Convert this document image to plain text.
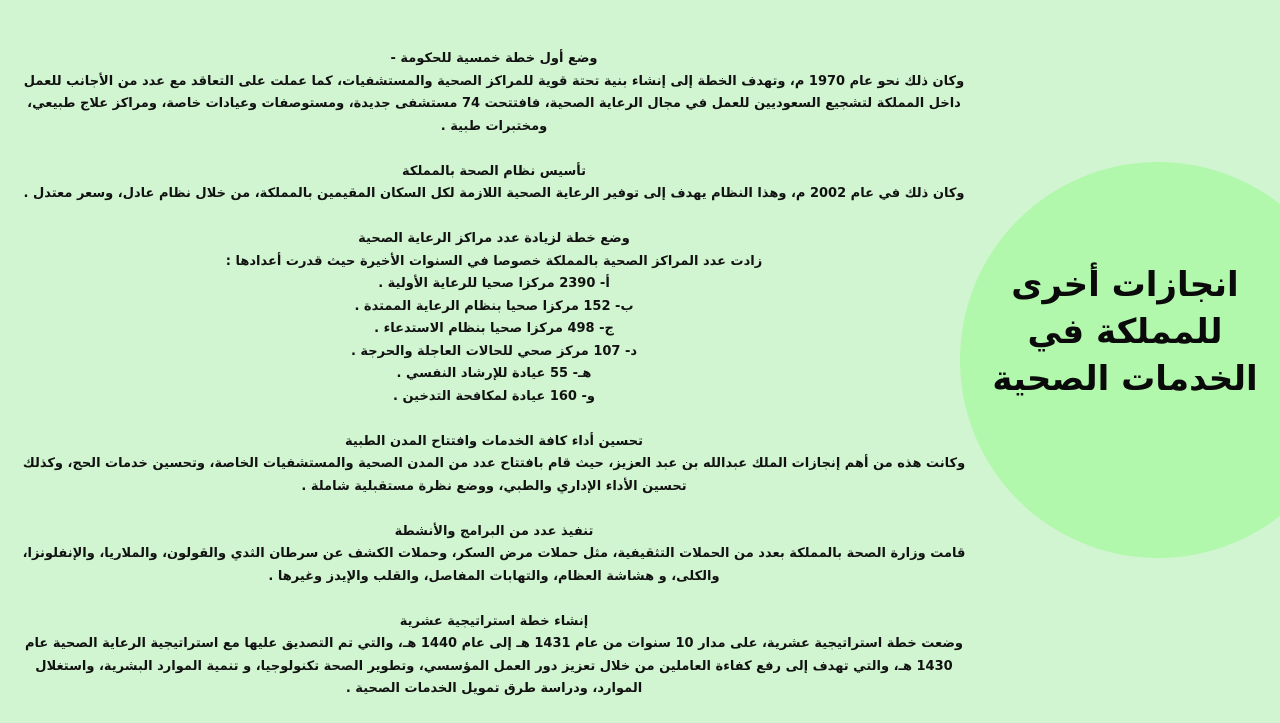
انجازات أخرى للمملكة في الخدمات الصحية
وضع أول خطة خمسية للحكومة -
وكان ذلك نحو عام 1970 م، وتهدف الخطة إلى إنشاء بنية تحتة قوية للمراكز الصحية والمستشفيات، كما عملت على التعاقد مع عدد من الأجانب للعمل داخل المملكة لتشجيع السعوديين للعمل في مجال الرعاية الصحية، فافتتحت 74 مستشفى جديدة، ومستوصفات وعيادات خاصة، ومراكز علاج طبيعي، ومختبرات طبية .
تأسيس نظام الصحة بالمملكة
وكان ذلك في عام 2002 م، وهذا النظام يهدف إلى توفير الرعاية الصحية اللازمة لكل السكان المقيمين بالمملكة، من خلال نظام عادل، وسعر معتدل .
وضع خطة لزيادة عدد مراكز الرعاية الصحية
زادت عدد المراكز الصحية بالمملكة خصوصا في السنوات الأخيرة حيث قدرت أعدادها :
أ- 2390 مركزا صحيا للرعاية الأولية .
ب- 152 مركزا صحيا بنظام الرعاية الممتدة .
ج- 498 مركزا صحيا بنظام الاستدعاء .
د- 107 مركز صحي للحالات العاجلة والحرجة .
هـ- 55 عيادة للإرشاد النفسي .
و- 160 عيادة لمكافحة التدخين .
تحسين أداء كافة الخدمات وافتتاح المدن الطبية
وكانت هذه من أهم إنجازات الملك عبدالله بن عبد العزيز، حيث قام بافتتاح عدد من المدن الصحية والمستشفيات الخاصة، وتحسين خدمات الحج، وكذلك تحسين الأداء الإداري والطبي، ووضع نظرة مستقبلية شاملة .
تنفيذ عدد من البرامج والأنشطة
قامت وزارة الصحة بالمملكة بعدد من الحملات التثقيفية، مثل حملات مرض السكر، وحملات الكشف عن سرطان الثدي والقولون، والملاريا، والإنفلونزا، والكلى، و هشاشة العظام، والتهابات المفاصل، والقلب والإيدز وغيرها .
إنشاء خطة استراتيجية عشرية
وضعت خطة استراتيجية عشرية، على مدار 10 سنوات من عام 1431 هـ إلى عام 1440 هـ، والتي تم التصديق عليها مع استراتيجية الرعاية الصحية عام 1430 هـ، والتي تهدف إلى رفع كفاءة العاملين من خلال تعزيز دور العمل المؤسسي، وتطوير الصحة تكنولوجيا، و تنمية الموارد البشرية، واستغلال الموارد، ودراسة طرق تمويل الخدمات الصحية .
